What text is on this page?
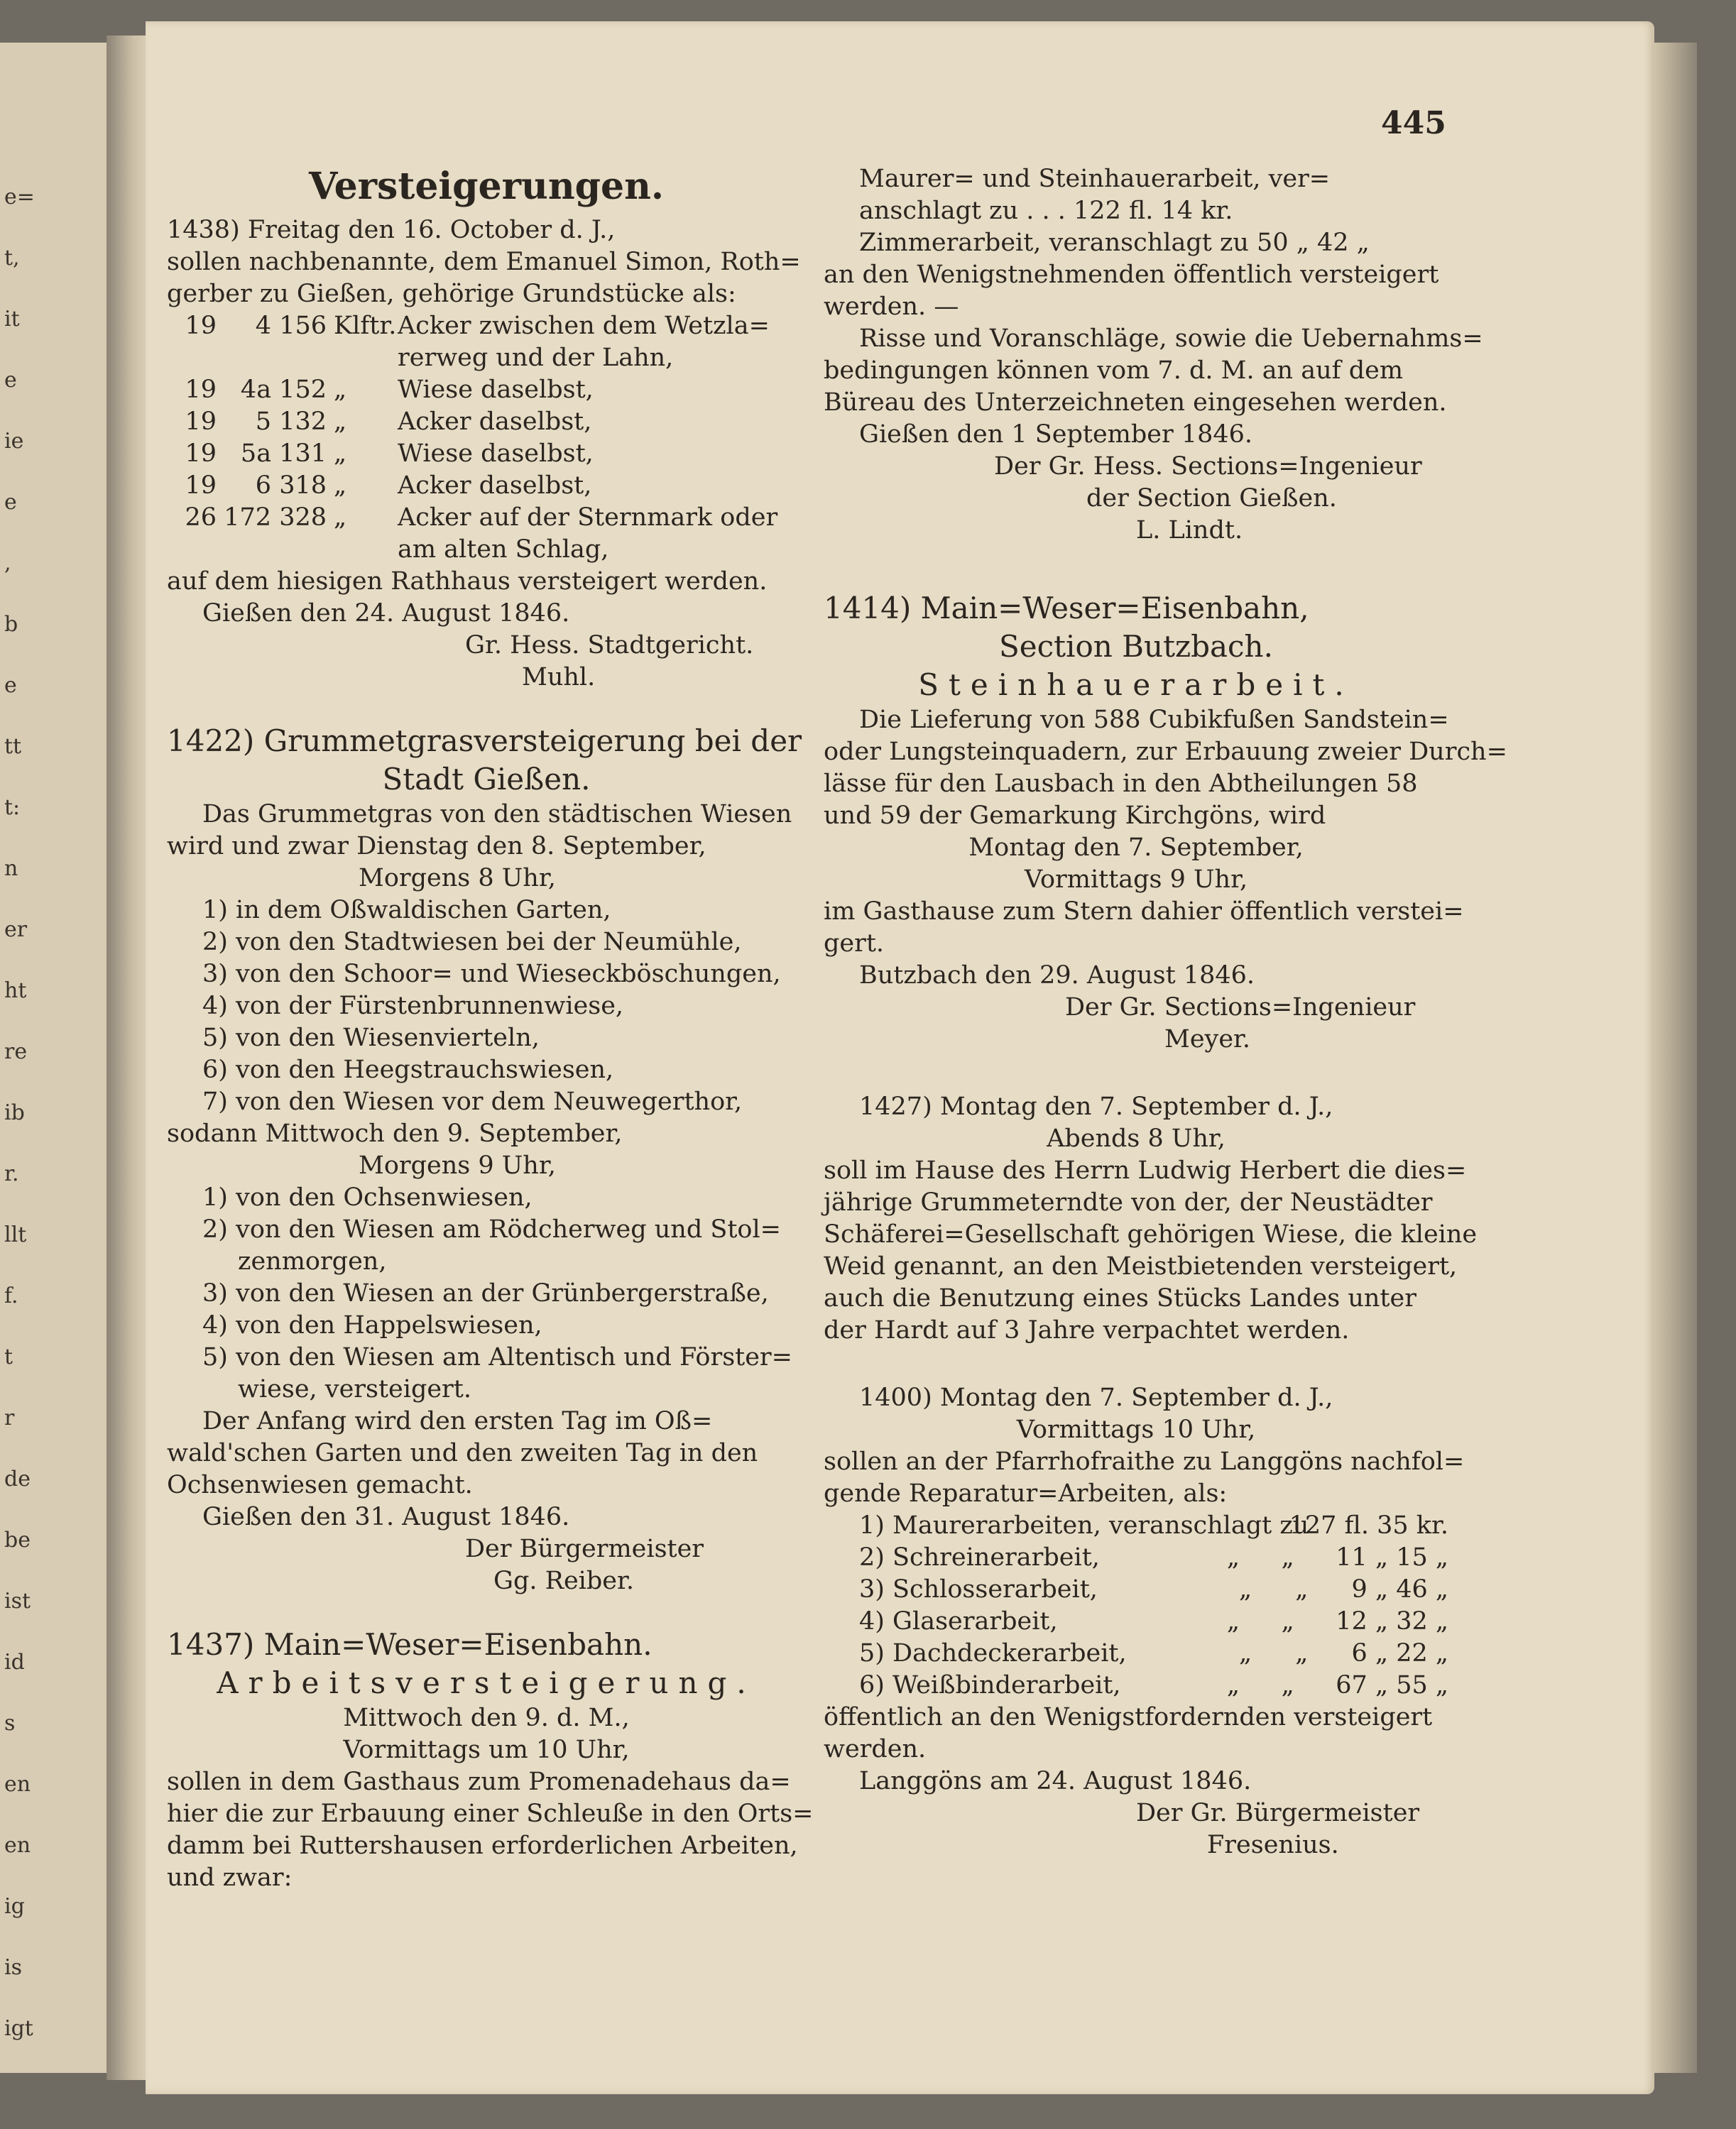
e=
t,
it
e
ie
e
,
b
e
tt
t:
n
er
ht
re
ib
r.
llt
f.
t
r
de
be
ist
id
s
en
en
ig
is
igt
445
Versteigerungen.
1438) Freitag den 16. October d. J.,
sollen nachbenannte, dem Emanuel Simon, Roth=
gerber zu Gießen, gehörige Grundstücke als:
19	4 156 Klftr. Acker zwischen dem Wetzla=
rerweg und der Lahn,
19 4a 152 „	Wiese daselbst,
19	5 132 „	Acker daselbst,
19 5a 131 „	Wiese daselbst,
19	6 318 „	Acker daselbst,
26 172 328 „	Acker auf der Sternmark oder
am alten Schlag,
auf dem hiesigen Rathhaus versteigert werden.
Gießen den 24. August 1846.
Gr. Hess. Stadtgericht.
Muhl.
1422) Grummetgrasversteigerung bei der
Stadt Gießen.
Das Grummetgras von den städtischen Wiesen
wird und zwar Dienstag den 8. September,
Morgens 8 Uhr,
1) in dem Oßwaldischen Garten,
2) von den Stadtwiesen bei der Neumühle,
3) von den Schoor= und Wieseckböschungen,
4) von der Fürstenbrunnenwiese,
5) von den Wiesenvierteln,
6) von den Heegstrauchswiesen,
7) von den Wiesen vor dem Neuwegerthor,
sodann Mittwoch den 9. September,
Morgens 9 Uhr,
1) von den Ochsenwiesen,
2) von den Wiesen am Rödcherweg und Stol=
zenmorgen,
3) von den Wiesen an der Grünbergerstraße,
4) von den Happelswiesen,
5) von den Wiesen am Altentisch und Förster=
wiese, versteigert.
Der Anfang wird den ersten Tag im Oß=
wald'schen Garten und den zweiten Tag in den
Ochsenwiesen gemacht.
Gießen den 31. August 1846.
Der Bürgermeister
Gg. Reiber.
1437) Main=Weser=Eisenbahn.
Arbeitsversteigerung.
Mittwoch den 9. d. M.,
Vormittags um 10 Uhr,
sollen in dem Gasthaus zum Promenadehaus da=
hier die zur Erbauung einer Schleuße in den Orts=
damm bei Ruttershausen erforderlichen Arbeiten,
und zwar:
Maurer= und Steinhauerarbeit, ver=
anschlagt zu . . . 122 fl. 14 kr.
Zimmerarbeit, veranschlagt zu 50 „ 42 „
an den Wenigstnehmenden öffentlich versteigert
werden. —
Risse und Voranschläge, sowie die Uebernahms=
bedingungen können vom 7. d. M. an auf dem
Büreau des Unterzeichneten eingesehen werden.
Gießen den 1 September 1846.
Der Gr. Hess. Sections=Ingenieur
der Section Gießen.
L. Lindt.
1414) Main=Weser=Eisenbahn,
Section Butzbach.
Steinhauerarbeit.
Die Lieferung von 588 Cubikfußen Sandstein=
oder Lungsteinquadern, zur Erbauung zweier Durch=
lässe für den Lausbach in den Abtheilungen 58
und 59 der Gemarkung Kirchgöns, wird
Montag den 7. September,
Vormittags 9 Uhr,
im Gasthause zum Stern dahier öffentlich verstei=
gert.
Butzbach den 29. August 1846.
Der Gr. Sections=Ingenieur
Meyer.
1427) Montag den 7. September d. J.,
Abends 8 Uhr,
soll im Hause des Herrn Ludwig Herbert die dies=
jährige Grummeterndte von der, der Neustädter
Schäferei=Gesellschaft gehörigen Wiese, die kleine
Weid genannt, an den Meistbietenden versteigert,
auch die Benutzung eines Stücks Landes unter
der Hardt auf 3 Jahre verpachtet werden.
1400) Montag den 7. September d. J.,
Vormittags 10 Uhr,
sollen an der Pfarrhofraithe zu Langgöns nachfol=
gende Reparatur=Arbeiten, als:
1) Maurerarbeiten, veranschlagt zu
127 fl. 35 kr.
2) Schreinerarbeit,	„	„	11 „ 15 „
3) Schlosserarbeit,	„	„	9 „ 46 „
4) Glaserarbeit,	„	„	12 „ 32 „
5) Dachdeckerarbeit,	„	„	6 „ 22 „
6) Weißbinderarbeit,	„	„	67 „ 55 „
öffentlich an den Wenigstfordernden versteigert
werden.
Langgöns am 24. August 1846.
Der Gr. Bürgermeister
Fresenius.
